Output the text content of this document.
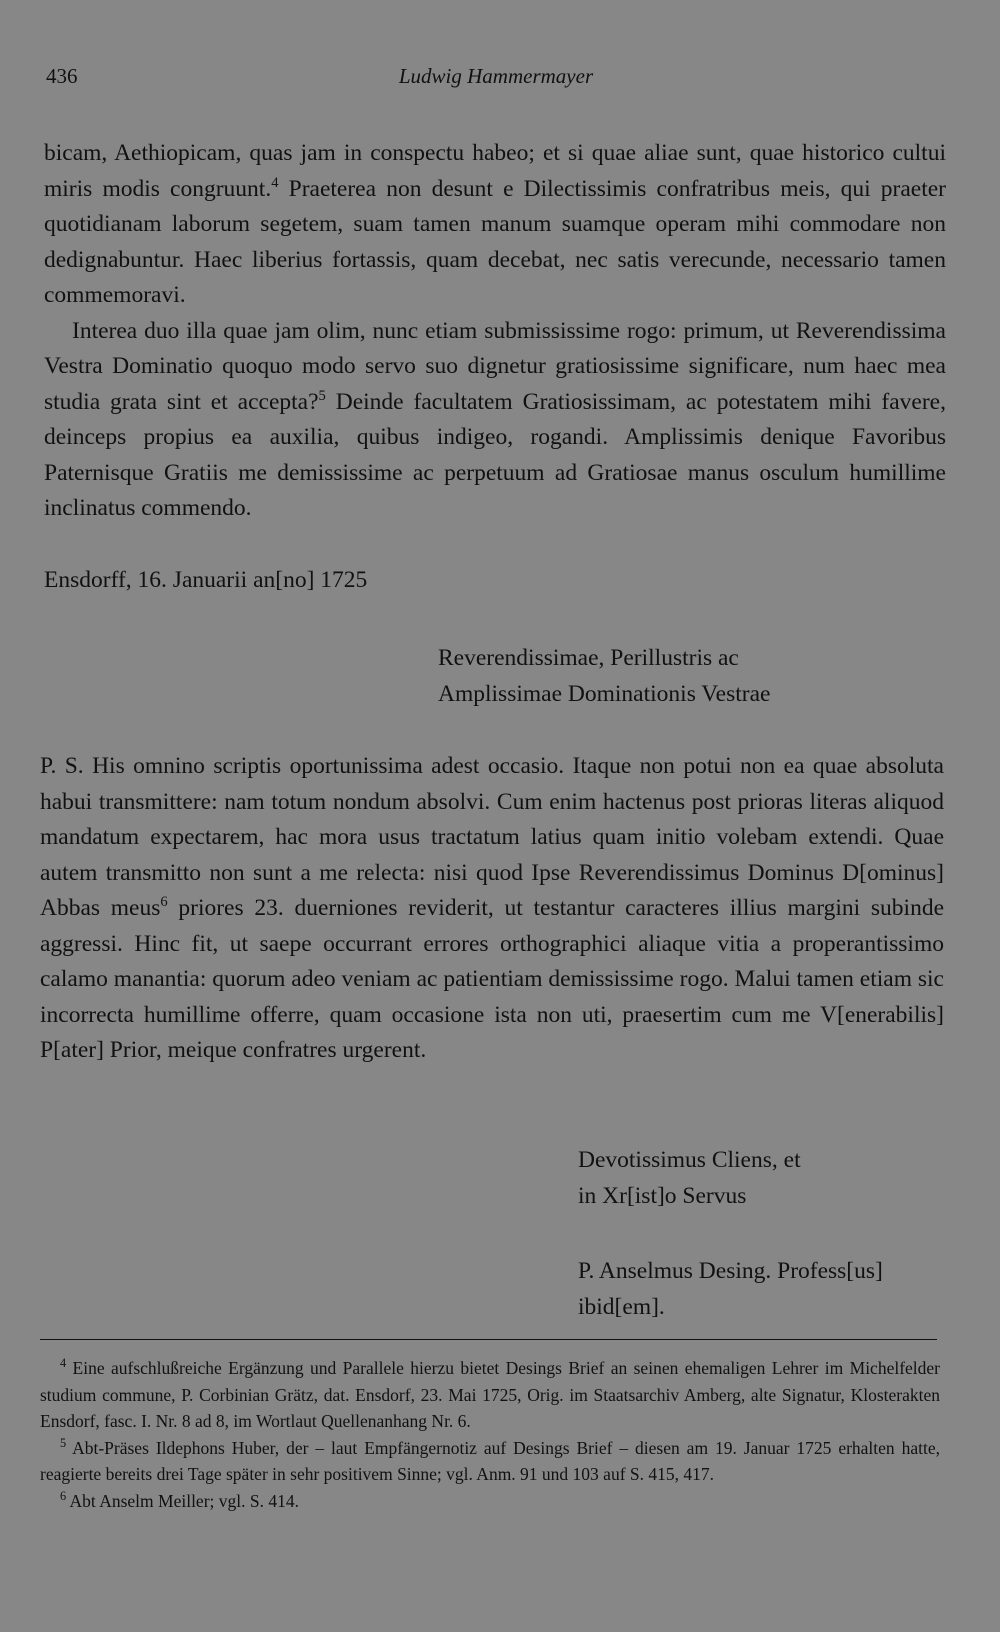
436	Ludwig Hammermayer

bicam, Aethiopicam, quas jam in conspectu habeo; et si quae aliae sunt, quae historico cultui miris modis congruunt.$^4$ Praeterea non desunt e Dilectissimis confratribus meis, qui praeter quotidianam laborum segetem, suam tamen manum suamque operam mihi commodare non dedignabuntur. Haec liberius fortassis, quam decebat, nec satis verecunde, necessario tamen commemoravi.

Interea duo illa quae jam olim, nunc etiam submississime rogo: primum, ut Reverendissima Vestra Dominatio quoquo modo servo suo dignetur gratiosissime significare, num haec mea studia grata sint et accepta?$^5$ Deinde facultatem Gratiosissimam, ac potestatem mihi favere, deinceps propius ea auxilia, quibus indigeo, rogandi. Amplissimis denique Favoribus Paternisque Gratiis me demississime ac perpetuum ad Gratiosae manus osculum humillime inclinatus commendo.

Ensdorff, 16. Januarii an[no] 1725
Reverendissimae, Perillustris ac
Amplissimae Dominationis Vestrae

P. S. His omnino scriptis oportunissima adest occasio. Itaque non potui non ea quae absoluta habui transmittere: nam totum nondum absolvi. Cum enim hactenus post prioras literas aliquod mandatum expectarem, hac mora usus tractatum latius quam initio volebam extendi. Quae autem transmitto non sunt a me relecta: nisi quod Ipse Reverendissimus Dominus D[ominus] Abbas meus$^6$ priores 23. duerniones reviderit, ut testantur caracteres illius margini subinde aggressi. Hinc fit, ut saepe occurrant errores orthographici aliaque vitia a properantissimo calamo manantia: quorum adeo veniam ac patientiam demississime rogo. Malui tamen etiam sic incorrecta humillime offerre, quam occasione ista non uti, praesertim cum me V[enerabilis] P[ater] Prior, meique confratres urgerent.

Devotissimus Cliens, et
in Xr[ist]o Servus
P. Anselmus Desing. Profess[us]
ibid[em].

$^4$ Eine aufschlußreiche Ergänzung und Parallele hierzu bietet Desings Brief an seinen ehemaligen Lehrer im Michelfelder studium commune, P. Corbinian Grätz, dat. Ensdorf, 23. Mai 1725, Orig. im Staatsarchiv Amberg, alte Signatur, Klosterakten Ensdorf, fasc. I. Nr. 8 ad 8, im Wortlaut Quellenanhang Nr. 6.

$^5$ Abt-Präses Ildephons Huber, der – laut Empfängernotiz auf Desings Brief – diesen am 19. Januar 1725 erhalten hatte, reagierte bereits drei Tage später in sehr positivem Sinne; vgl. Anm. 91 und 103 auf S. 415, 417.

$^6$ Abt Anselm Meiller; vgl. S. 414.
